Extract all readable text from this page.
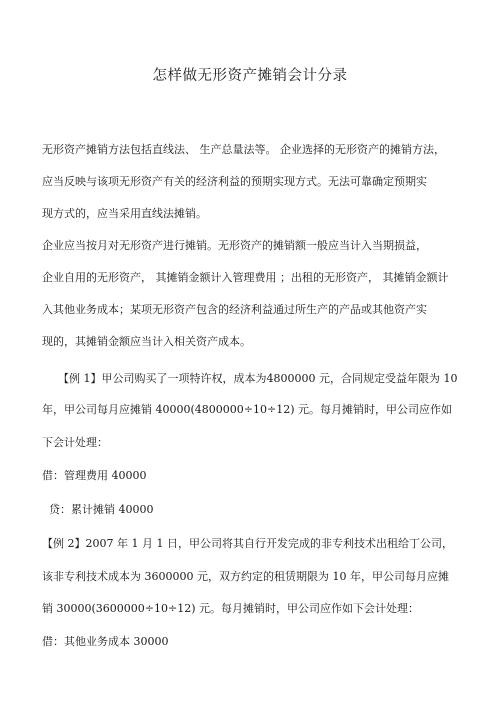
怎样做无形资产摊销会计分录

无形资产摊销方法包括直线法、 生产总量法等。 企业选择的无形资产的摊销方法，

应当反映与该项无形资产有关的经济利益的预期实现方式。无法可靠确定预期实

现方式的，应当采用直线法摊销。

企业应当按月对无形资产进行摊销。无形资产的摊销额一般应当计入当期损益，

企业自用的无形资产， 其摊销金额计入管理费用 ；出租的无形资产， 其摊销金额计

入其他业务成本；某项无形资产包含的经济利益通过所生产的产品或其他资产实

现的，其摊销金额应当计入相关资产成本。

【例 1】甲公司购买了一项特许权，成本为4800000 元，合同规定受益年限为 10

年，甲公司每月应摊销 40000(4800000÷10÷12) 元。每月摊销时，甲公司应作如

下会计处理：

借：管理费用 40000

贷：累计摊销 40000

【例 2】2007 年 1 月 1 日，甲公司将其自行开发完成的非专利技术出租给丁公司，

该非专利技术成本为 3600000 元，双方约定的租赁期限为 10 年，甲公司每月应摊

销 30000(3600000÷10÷12) 元。每月摊销时，甲公司应作如下会计处理：

借：其他业务成本 30000
